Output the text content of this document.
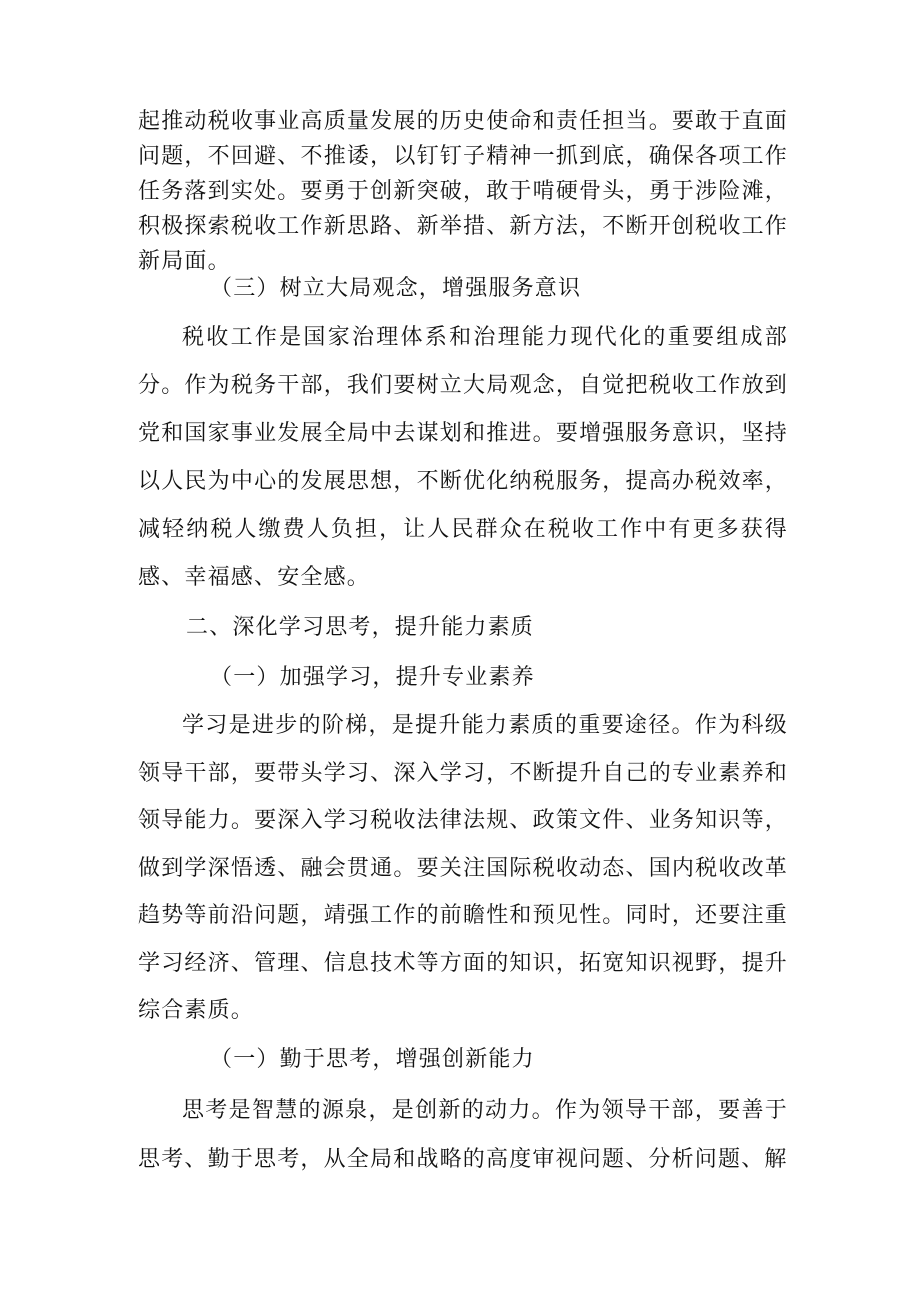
起推动税收事业高质量发展的历史使命和责任担当。要敢于直面问题，不回避、不推诿，以钉钉子精神一抓到底，确保各项工作任务落到实处。要勇于创新突破，敢于啃硬骨头，勇于涉险滩，积极探索税收工作新思路、新举措、新方法，不断开创税收工作新局面。

（三）树立大局观念，增强服务意识

税收工作是国家治理体系和治理能力现代化的重要组成部分。作为税务干部，我们要树立大局观念，自觉把税收工作放到党和国家事业发展全局中去谋划和推进。要增强服务意识，坚持以人民为中心的发展思想，不断优化纳税服务，提高办税效率，减轻纳税人缴费人负担，让人民群众在税收工作中有更多获得感、幸福感、安全感。

二、深化学习思考，提升能力素质

（一）加强学习，提升专业素养

学习是进步的阶梯，是提升能力素质的重要途径。作为科级领导干部，要带头学习、深入学习，不断提升自己的专业素养和领导能力。要深入学习税收法律法规、政策文件、业务知识等，做到学深悟透、融会贯通。要关注国际税收动态、国内税收改革趋势等前沿问题，靖强工作的前瞻性和预见性。同时，还要注重学习经济、管理、信息技术等方面的知识，拓宽知识视野，提升综合素质。

（一）勤于思考，增强创新能力

思考是智慧的源泉，是创新的动力。作为领导干部，要善于思考、勤于思考，从全局和战略的高度审视问题、分析问题、解
